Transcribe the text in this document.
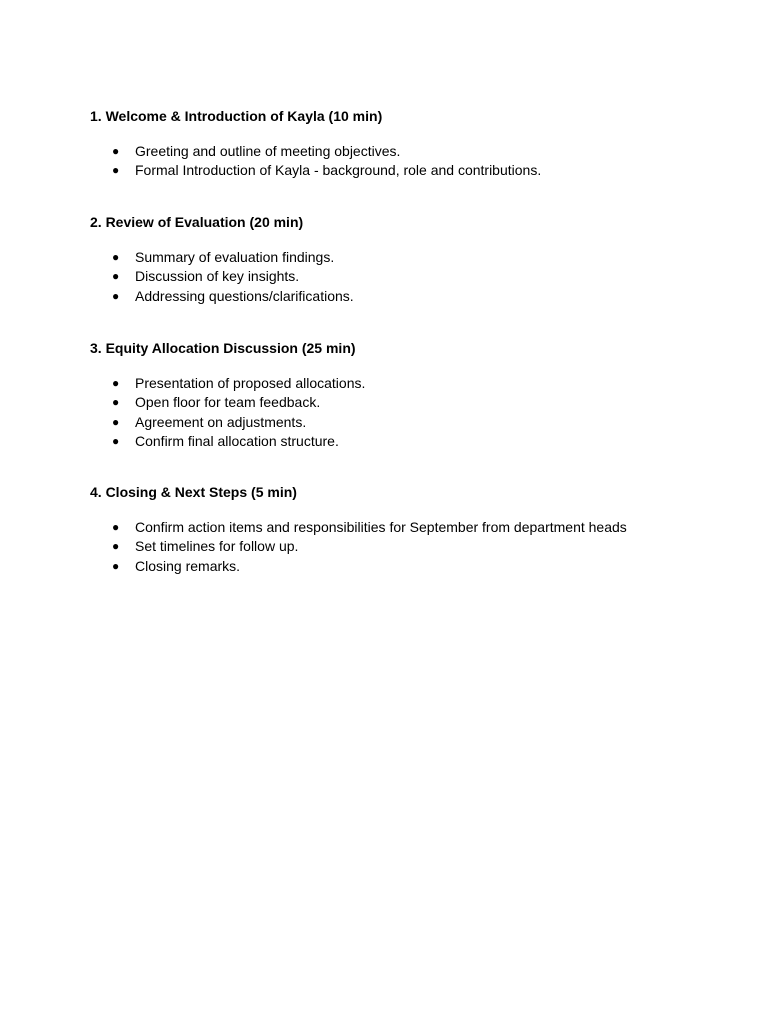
1. Welcome & Introduction of Kayla (10 min)

● Greeting and outline of meeting objectives.
● Formal Introduction of Kayla - background, role and contributions.

2. Review of Evaluation (20 min)

● Summary of evaluation findings.
● Discussion of key insights.
● Addressing questions/clarifications.

3. Equity Allocation Discussion (25 min)

● Presentation of proposed allocations.
● Open floor for team feedback.
● Agreement on adjustments.
● Confirm final allocation structure.

4. Closing & Next Steps (5 min)

● Confirm action items and responsibilities for September from department heads
● Set timelines for follow up.
● Closing remarks.
